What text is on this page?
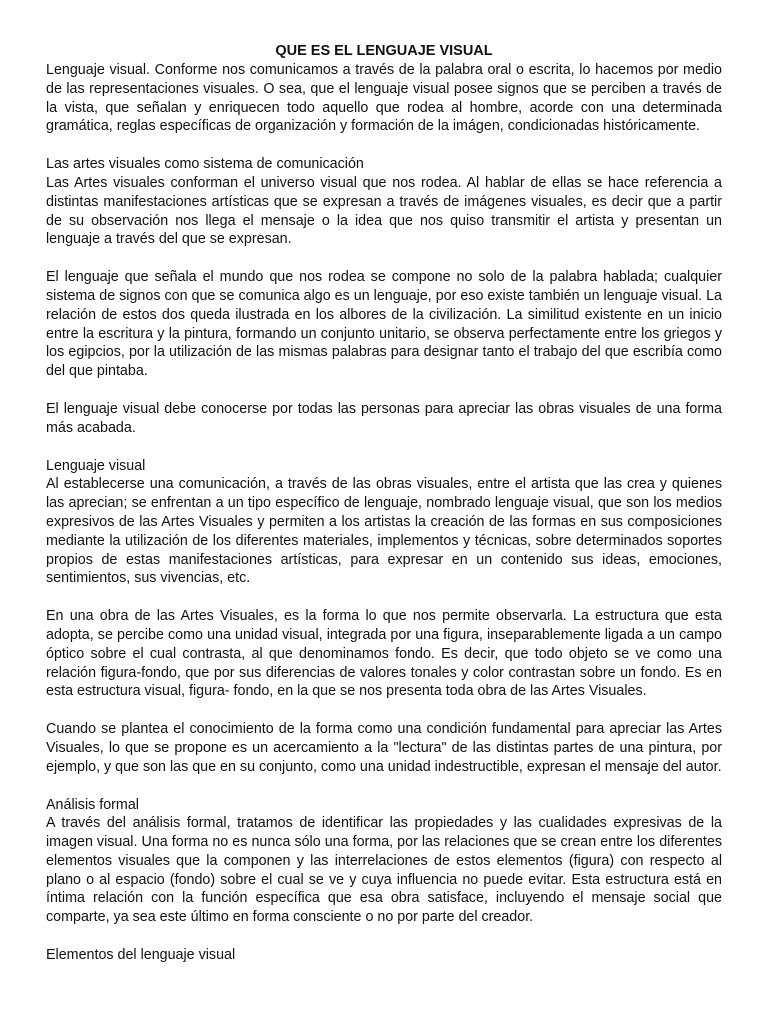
QUE ES EL LENGUAJE VISUAL

Lenguaje visual. Conforme nos comunicamos a través de la palabra oral o escrita, lo hacemos por medio de las representaciones visuales. O sea, que el lenguaje visual posee signos que se perciben a través de la vista, que señalan y enriquecen todo aquello que rodea al hombre, acorde con una determinada gramática, reglas específicas de organización y formación de la imágen, condicionadas históricamente.

Las artes visuales como sistema de comunicación
Las Artes visuales conforman el universo visual que nos rodea. Al hablar de ellas se hace referencia a distintas manifestaciones artísticas que se expresan a través de imágenes visuales, es decir que a partir de su observación nos llega el mensaje o la idea que nos quiso transmitir el artista y presentan un lenguaje a través del que se expresan.

El lenguaje que señala el mundo que nos rodea se compone no solo de la palabra hablada; cualquier sistema de signos con que se comunica algo es un lenguaje, por eso existe también un lenguaje visual. La relación de estos dos queda ilustrada en los albores de la civilización. La similitud existente en un inicio entre la escritura y la pintura, formando un conjunto unitario, se observa perfectamente entre los griegos y los egipcios, por la utilización de las mismas palabras para designar tanto el trabajo del que escribía como del que pintaba.

El lenguaje visual debe conocerse por todas las personas para apreciar las obras visuales de una forma más acabada.

Lenguaje visual
Al establecerse una comunicación, a través de las obras visuales, entre el artista que las crea y quienes las aprecian; se enfrentan a un tipo específico de lenguaje, nombrado lenguaje visual, que son los medios expresivos de las Artes Visuales y permiten a los artistas la creación de las formas en sus composiciones mediante la utilización de los diferentes materiales, implementos y técnicas, sobre determinados soportes propios de estas manifestaciones artísticas, para expresar en un contenido sus ideas, emociones, sentimientos, sus vivencias, etc.

En una obra de las Artes Visuales, es la forma lo que nos permite observarla. La estructura que esta adopta, se percibe como una unidad visual, integrada por una figura, inseparablemente ligada a un campo óptico sobre el cual contrasta, al que denominamos fondo. Es decir, que todo objeto se ve como una relación figura-fondo, que por sus diferencias de valores tonales y color contrastan sobre un fondo. Es en esta estructura visual, figura- fondo, en la que se nos presenta toda obra de las Artes Visuales.

Cuando se plantea el conocimiento de la forma como una condición fundamental para apreciar las Artes Visuales, lo que se propone es un acercamiento a la "lectura" de las distintas partes de una pintura, por ejemplo, y que son las que en su conjunto, como una unidad indestructible, expresan el mensaje del autor.

Análisis formal
A través del análisis formal, tratamos de identificar las propiedades y las cualidades expresivas de la imagen visual. Una forma no es nunca sólo una forma, por las relaciones que se crean entre los diferentes elementos visuales que la componen y las interrelaciones de estos elementos (figura) con respecto al plano o al espacio (fondo) sobre el cual se ve y cuya influencia no puede evitar. Esta estructura está en íntima relación con la función específica que esa obra satisface, incluyendo el mensaje social que comparte, ya sea este último en forma consciente o no por parte del creador.

Elementos del lenguaje visual
